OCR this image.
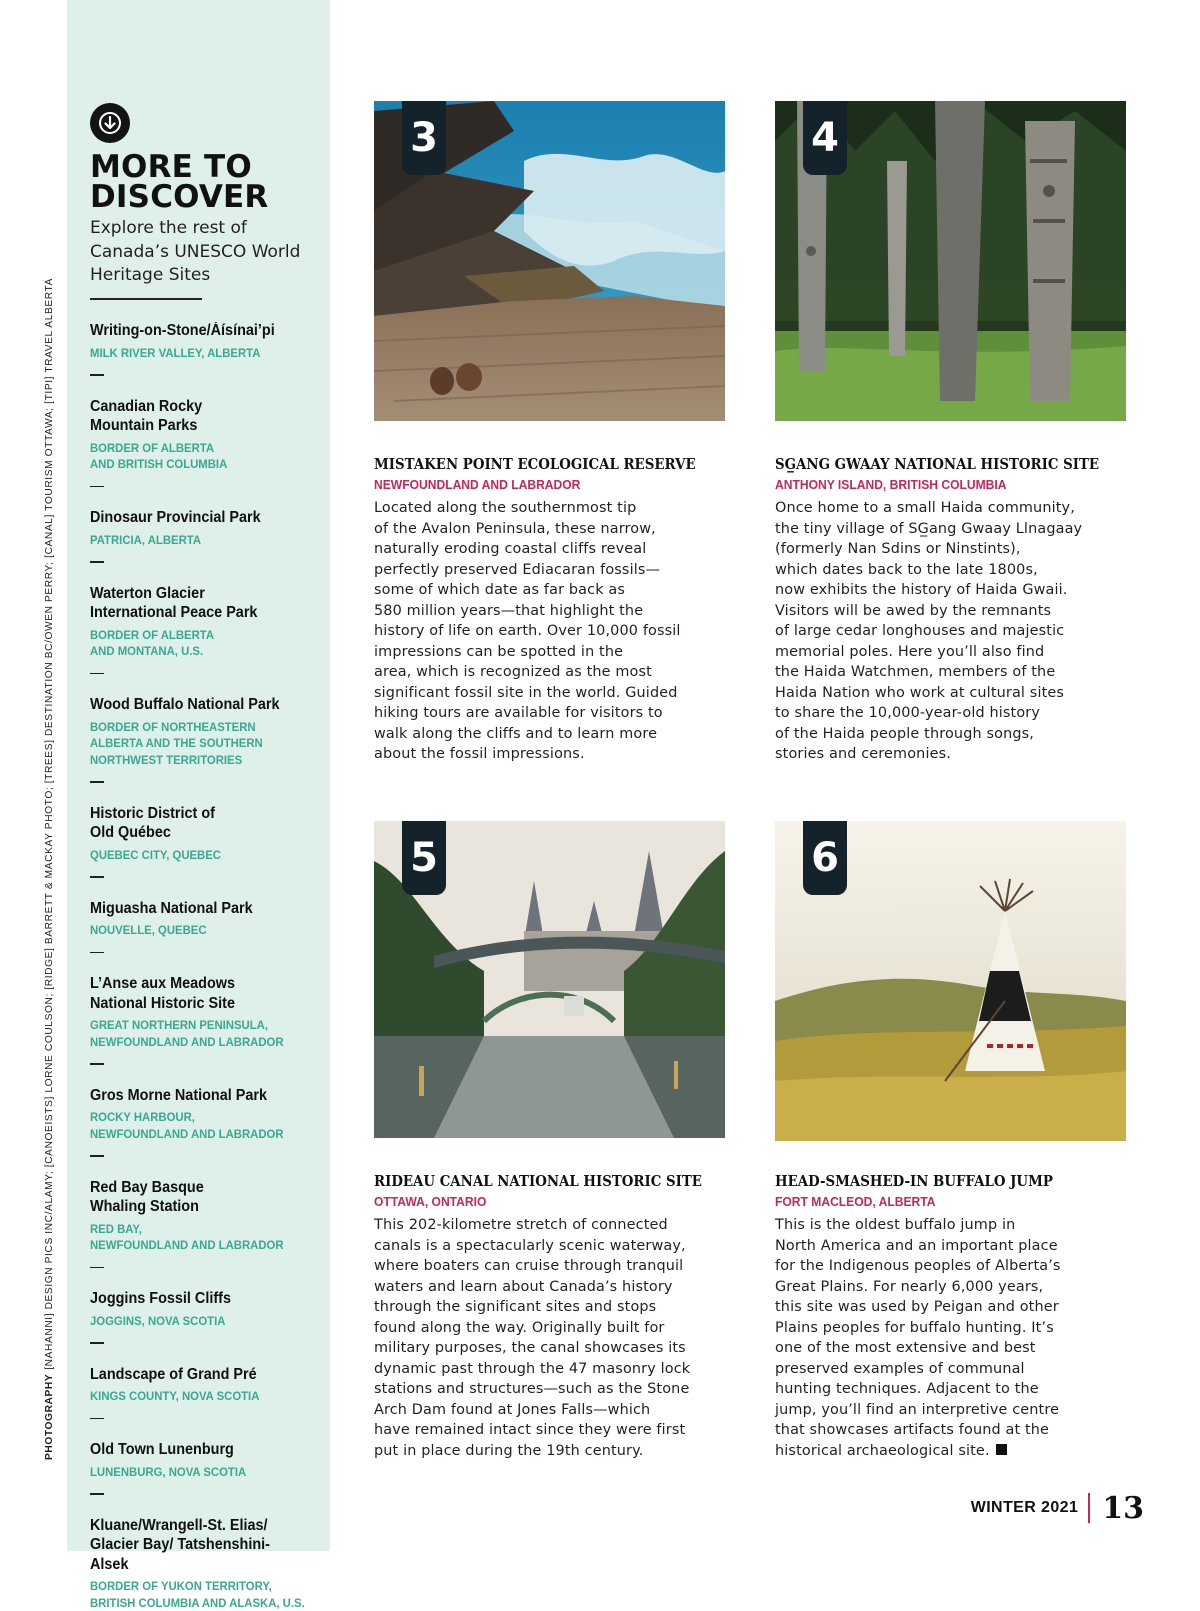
PHOTOGRAPHY[NAHANNI] DESIGN PICS INC/ALAMY; [CANOEISTS] LORNE COULSON; [RIDGE] BARRETT & MACKAY PHOTO; [TREES] DESTINATION BC/OWEN PERRY; [CANAL] TOURISM OTTAWA; [TIPI] TRAVEL ALBERTA
MORE TO DISCOVER
Explore the rest of Canada’s UNESCO World Heritage Sites
Writing-on-Stone/Áísínai’pi
MILK RIVER VALLEY, ALBERTA
Canadian Rocky Mountain Parks
BORDER OF ALBERTA
AND BRITISH COLUMBIA
Dinosaur Provincial Park
PATRICIA, ALBERTA
Waterton Glacier International Peace Park
BORDER OF ALBERTA
AND MONTANA, U.S.
Wood Buffalo National Park
BORDER OF NORTHEASTERN
ALBERTA AND THE SOUTHERN
NORTHWEST TERRITORIES
Historic District of Old Québec
QUEBEC CITY, QUEBEC
Miguasha National Park
NOUVELLE, QUEBEC
L’Anse aux Meadows National Historic Site
GREAT NORTHERN PENINSULA,
NEWFOUNDLAND AND LABRADOR
Gros Morne National Park
ROCKY HARBOUR,
NEWFOUNDLAND AND LABRADOR
Red Bay Basque Whaling Station
RED BAY,
NEWFOUNDLAND AND LABRADOR
Joggins Fossil Cliffs
JOGGINS, NOVA SCOTIA
Landscape of Grand Pré
KINGS COUNTY, NOVA SCOTIA
Old Town Lunenburg
LUNENBURG, NOVA SCOTIA
Kluane/Wrangell-St. Elias/ Glacier Bay/ Tatshenshini-Alsek
BORDER OF YUKON TERRITORY,
BRITISH COLUMBIA AND ALASKA, U.S.
3	4
MISTAKEN POINT ECOLOGICAL RESERVE
NEWFOUNDLAND AND LABRADOR
Located along the southernmost tip
of the Avalon Peninsula, these narrow,
naturally eroding coastal cliffs reveal
perfectly preserved Ediacaran fossils—
some of which date as far back as
580 million years—that highlight the
history of life on earth. Over 10,000 fossil
impressions can be spotted in the
area, which is recognized as the most
significant fossil site in the world. Guided
hiking tours are available for visitors to
walk along the cliffs and to learn more
about the fossil impressions.
SG̲ANG GWAAY NATIONAL HISTORIC SITE
ANTHONY ISLAND, BRITISH COLUMBIA
Once home to a small Haida community,
the tiny village of SG̲ang Gwaay Llnagaay
(formerly Nan Sdins or Ninstints),
which dates back to the late 1800s,
now exhibits the history of Haida Gwaii.
Visitors will be awed by the remnants
of large cedar longhouses and majestic
memorial poles. Here you’ll also find
the Haida Watchmen, members of the
Haida Nation who work at cultural sites
to share the 10,000-year-old history
of the Haida people through songs,
stories and ceremonies.
5	6
RIDEAU CANAL NATIONAL HISTORIC SITE
OTTAWA, ONTARIO
This 202-kilometre stretch of connected
canals is a spectacularly scenic waterway,
where boaters can cruise through tranquil
waters and learn about Canada’s history
through the significant sites and stops
found along the way. Originally built for
military purposes, the canal showcases its
dynamic past through the 47 masonry lock
stations and structures—such as the Stone
Arch Dam found at Jones Falls—which
have remained intact since they were first
put in place during the 19th century.
HEAD-SMASHED-IN BUFFALO JUMP
FORT MACLEOD, ALBERTA
This is the oldest buffalo jump in
North America and an important place
for the Indigenous peoples of Alberta’s
Great Plains. For nearly 6,000 years,
this site was used by Peigan and other
Plains peoples for buffalo hunting. It’s
one of the most extensive and best
preserved examples of communal
hunting techniques. Adjacent to the
jump, you’ll find an interpretive centre
that showcases artifacts found at the
historical archaeological site.
WINTER 2021 13
